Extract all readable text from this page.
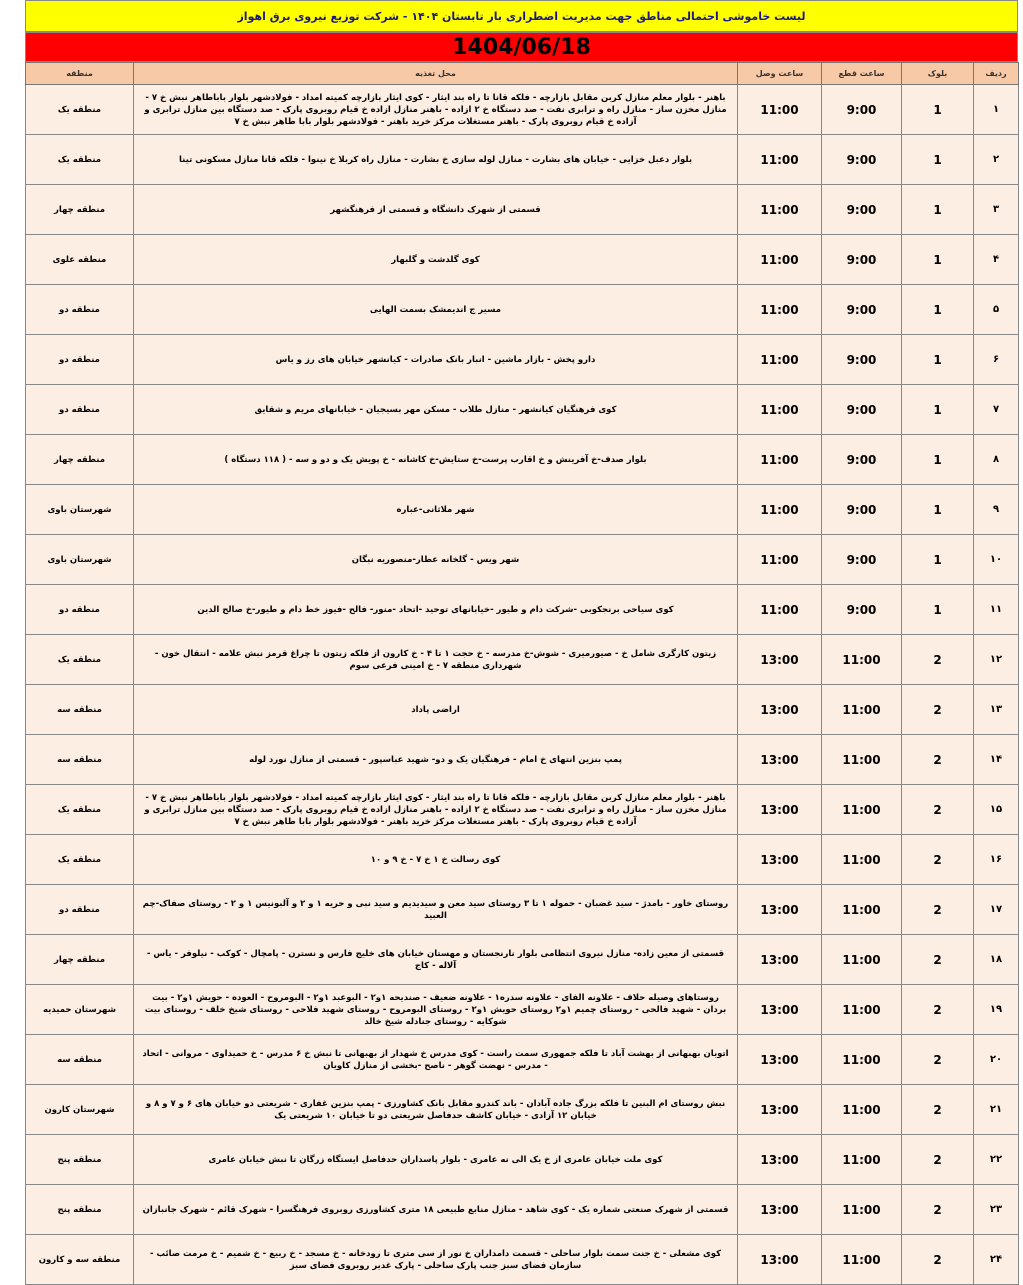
لیست خاموشی احتمالی مناطق جهت مدیریت اضطراری بار تابستان ۱۴۰۴ - شرکت توزیع نیروی برق اهواز
1404/06/18
ردیف	بلوک	ساعت قطع	ساعت وصل	محل تغذیه	منطقه
۱	1	9:00	11:00	باهنر - بلوار معلم منازل کربن مقابل بازارچه - فلکه قانا تا راه بند ایثار - کوی ایثار بازارچه کمیته امداد - فولادشهر بلوار باباطاهر نبش خ ۷ - منازل مخزن ساز - منازل راه و ترابری نفت - صد دستگاه خ ۲ ازاده - باهنر منازل ازاده خ قیام روبروی پارک - صد دستگاه بین منازل ترابری و آزاده خ قیام روبروی پارک - باهنر مستغلات مرکز خرید باهنر - فولادشهر بلوار بابا طاهر نبش خ ۷	منطقه یک
۲	1	9:00	11:00	بلوار دعبل خزایی - خیابان های بشارت - منازل لوله سازی خ بشارت - منازل راه کربلا خ نینوا - فلکه قانا منازل مسکونی تینا	منطقه یک
۳	1	9:00	11:00	قسمتی از شهرک دانشگاه و قسمتی از فرهنگشهر	منطقه چهار
۴	1	9:00	11:00	کوی گلدشت و گلبهار	منطقه علوی
۵	1	9:00	11:00	مسیر ج اندیمشک بسمت الهایی	منطقه دو
۶	1	9:00	11:00	دارو پخش - بازار ماشین - انبار بانک صادرات - کیانشهر خیابان های رز و یاس	منطقه دو
۷	1	9:00	11:00	کوی فرهنگیان کیانشهر - منازل طلاب - مسکن مهر بسیجیان - خیابانهای مریم و شقایق	منطقه دو
۸	1	9:00	11:00	بلوار صدف-خ آفرینش و خ اقارب پرست-خ ستایش-خ کاشانه - خ پویش یک و دو و سه - ( ۱۱۸ دستگاه )	منطقه چهار
۹	1	9:00	11:00	شهر ملاثانی-عباره	شهرستان باوی
۱۰	1	9:00	11:00	شهر ویس - گلخانه عطار-منصوریه نبگان	شهرستان باوی
۱۱	1	9:00	11:00	کوی سیاحی برنجکوبی -شرکت دام و طیور -خیابانهای توحید -اتحاد -منور- فالح -فیوز خط دام و طیور-خ صالح الدین	منطقه دو
۱۲	2	11:00	13:00	زیتون کارگری شامل خ - صیورمیری - شوش-خ مدرسه - خ حجت ۱ تا ۴ - خ کارون از فلکه زیتون تا چراغ قرمز نبش علامه - انتقال خون - شهرداری منطقه ۷ - خ امینی فرعی سوم	منطقه یک
۱۳	2	11:00	13:00	اراضی پاداد	منطقه سه
۱۴	2	11:00	13:00	پمپ بنزین انتهای خ امام - فرهنگیان یک و دو- شهید عباسپور - قسمتی از منازل نورد لوله	منطقه سه
۱۵	2	11:00	13:00	باهنر - بلوار معلم منازل کربن مقابل بازارچه - فلکه قانا تا راه بند ایثار - کوی ایثار بازارچه کمیته امداد - فولادشهر بلوار باباطاهر نبش خ ۷ - منازل مخزن ساز - منازل راه و ترابری نفت - صد دستگاه خ ۲ ازاده - باهنر منازل ازاده خ قیام روبروی پارک - صد دستگاه بین منازل ترابری و آزاده خ قیام روبروی پارک - باهنر مستغلات مرکز خرید باهنر - فولادشهر بلوار بابا طاهر نبش خ ۷	منطقه یک
۱۶	2	11:00	13:00	کوی رسالت خ ۱ خ ۷ - خ ۹ و ۱۰	منطقه یک
۱۷	2	11:00	13:00	روستای خاور - بامدژ - سید غضبان - حموله ۱ تا ۳ روستای سید معن و سیدیدیم و سید نبی و حریه ۱ و ۲ و آلبونیس ۱ و ۲ - روستای صفاک-چم العبید	منطقه دو
۱۸	2	11:00	13:00	قسمتی از معین زاده- منازل نیروی انتظامی بلوار نارنجستان و مهستان خیابان های خلیج فارس و نسترن - پامچال - کوکب - نیلوفر - یاس - آلاله - کاج	منطقه چهار
۱۹	2	11:00	13:00	روستاهای وصیله حلاف - علاونه الفای - علاونه سدره۱ - علاونه ضعیف - صندیحه ۱و۲ - البوعبد ۱و۲ - البومروح - العوده - حویش ۱و۲ - بیت بردان - شهید فالحی - روستای چمیم ۱و۲ روستای حویش ۱و۲ - روستای البومروح - روستای شهید فلاحی - روستای شیخ خلف - روستای بیت شوکایه - روستای جنادله شیخ خالد	شهرستان حمیدیه
۲۰	2	11:00	13:00	اتوبان بهبهانی از بهشت آباد تا فلکه جمهوری سمت راست - کوی مدرس خ شهدار از بهبهانی تا نبش خ ۶ مدرس - خ حمیداوی - مروانی - اتحاد - مدرس - نهضت گوهر - ناصح -بخشی از منازل کاویان	منطقه سه
۲۱	2	11:00	13:00	نبش روستای ام البنین تا فلکه بزرگ جاده آبادان - باند کندرو مقابل بانک کشاورزی - پمپ بنزین غفاری - شریعتی دو خیابان های ۶ و ۷ و ۸ و خیابان ۱۲ آزادی - خیابان کاشف حدفاصل شریعتی دو تا خیابان ۱۰ شریعتی یک	شهرستان کارون
۲۲	2	11:00	13:00	کوی ملت خیابان عامری از خ یک الی نه عامری - بلوار پاسداران حدفاصل ایستگاه زرگان تا نبش خیابان عامری	منطقه پنج
۲۳	2	11:00	13:00	قسمتی از شهرک صنعتی شماره یک - کوی شاهد - منازل منابع طبیعی ۱۸ متری کشاورزی روبروی فرهنگسرا - شهرک قائم - شهرک جانبازان	منطقه پنج
۲۴	2	11:00	13:00	کوی مشعلی - خ جنت سمت بلوار ساحلی - قسمت دامداران خ نور از سی متری تا رودخانه - خ مسجد - خ ربیع - خ شمیم - خ مرمت صائب - سازمان فضای سبز جنب پارک ساحلی - پارک غدیر روبروی فضای سبز	منطقه سه و کارون
